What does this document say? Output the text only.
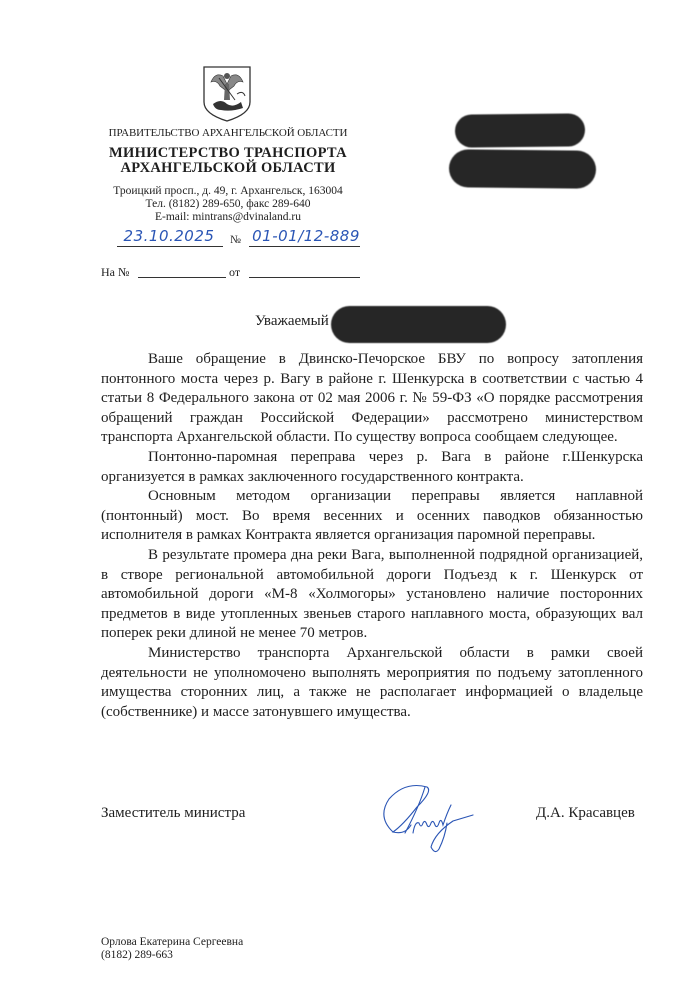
ПРАВИТЕЛЬСТВО АРХАНГЕЛЬСКОЙ ОБЛАСТИ
МИНИСТЕРСТВО ТРАНСПОРТА
АРХАНГЕЛЬСКОЙ ОБЛАСТИ
Троицкий просп., д. 49, г. Архангельск, 163004
Тел. (8182) 289-650, факс 289-640
E-mail: mintrans@dvinaland.ru
23.10.2025	№ 01-01/12-889
На №	от
Уважаемый

Ваше обращение в Двинско-Печорское БВУ по вопросу затопления понтонного моста через р. Вагу в районе г. Шенкурска в соответствии с частью 4 статьи 8 Федерального закона от 02 мая 2006 г. № 59-ФЗ «О порядке рассмотрения обращений граждан Российской Федерации» рассмотрено министерством транспорта Архангельской области. По существу вопроса сообщаем следующее.

Понтонно-паромная переправа через р. Вага в районе г.Шенкурска организуется в рамках заключенного государственного контракта.

Основным методом организации переправы является наплавной (понтонный) мост. Во время весенних и осенних паводков обязанностью исполнителя в рамках Контракта является организация паромной переправы.

В результате промера дна реки Вага, выполненной подрядной организацией, в створе региональной автомобильной дороги Подъезд к г. Шенкурск от автомобильной дороги «М-8 «Холмогоры» установлено наличие посторонних предметов в виде утопленных звеньев старого наплавного моста, образующих вал поперек реки длиной не менее 70 метров.

Министерство транспорта Архангельской области в рамки своей деятельности не уполномочено выполнять мероприятия по подъему затопленного имущества сторонних лиц, а также не располагает информацией о владельце (собственнике) и массе затонувшего имущества.

Заместитель министра	Д.А. Красавцев
Орлова Екатерина Сергеевна
(8182) 289-663
